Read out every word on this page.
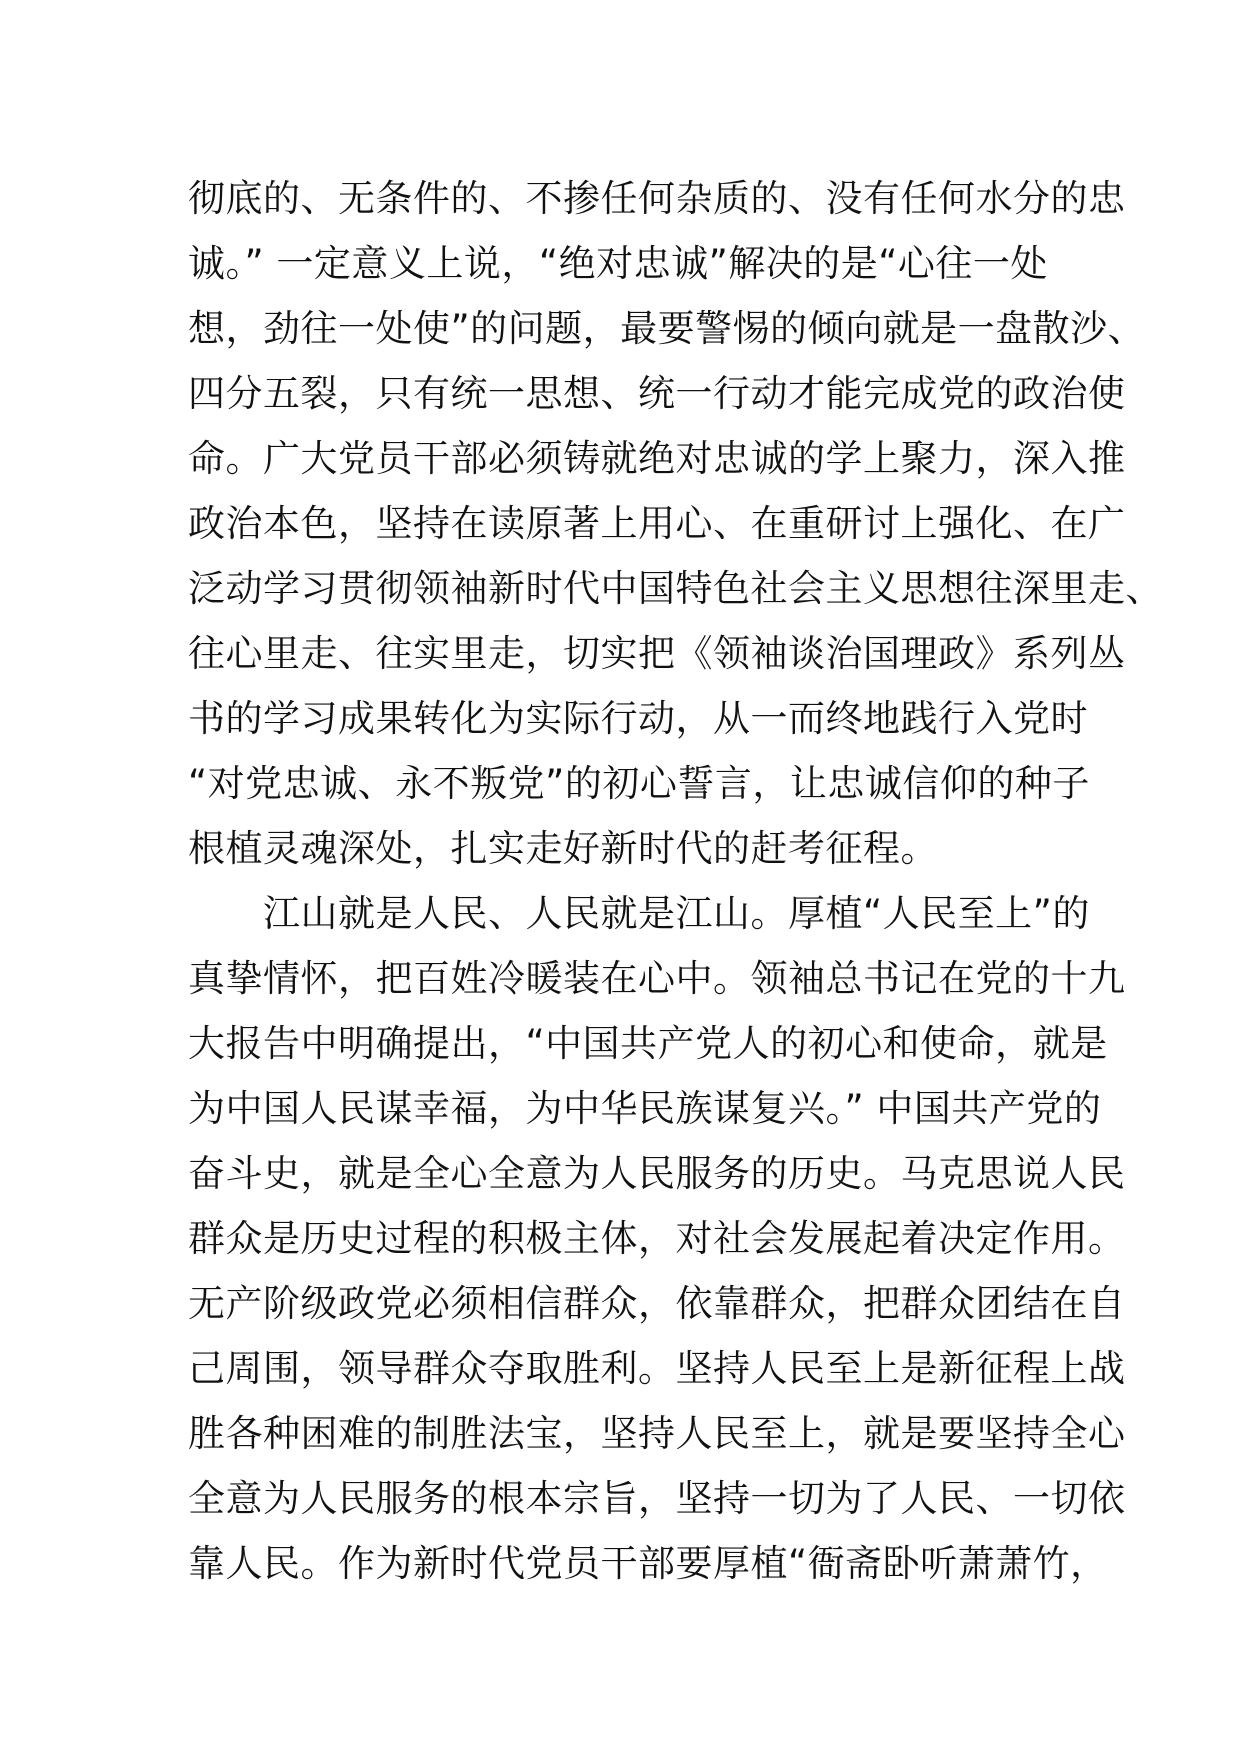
彻底的、无条件的、不掺任何杂质的、没有任何水分的忠
诚。” 一定意义上说，“绝对忠诚”解决的是“心往一处
想，劲往一处使”的问题，最要警惕的倾向就是一盘散沙、
四分五裂，只有统一思想、统一行动才能完成党的政治使
命。广大党员干部必须铸就绝对忠诚的学上聚力，深入推
政治本色，坚持在读原著上用心、在重研讨上强化、在广
泛动学习贯彻领袖新时代中国特色社会主义思想往深里走、
往心里走、往实里走，切实把《领袖谈治国理政》系列丛
书的学习成果转化为实际行动，从一而终地践行入党时
“对党忠诚、永不叛党”的初心誓言，让忠诚信仰的种子
根植灵魂深处，扎实走好新时代的赶考征程。
　　江山就是人民、人民就是江山。厚植“人民至上”的
真挚情怀，把百姓冷暖装在心中。领袖总书记在党的十九
大报告中明确提出，“中国共产党人的初心和使命，就是
为中国人民谋幸福，为中华民族谋复兴。” 中国共产党的
奋斗史，就是全心全意为人民服务的历史。马克思说人民
群众是历史过程的积极主体，对社会发展起着决定作用。
无产阶级政党必须相信群众，依靠群众，把群众团结在自
己周围，领导群众夺取胜利。坚持人民至上是新征程上战
胜各种困难的制胜法宝，坚持人民至上，就是要坚持全心
全意为人民服务的根本宗旨，坚持一切为了人民、一切依
靠人民。作为新时代党员干部要厚植“衙斋卧听萧萧竹，
